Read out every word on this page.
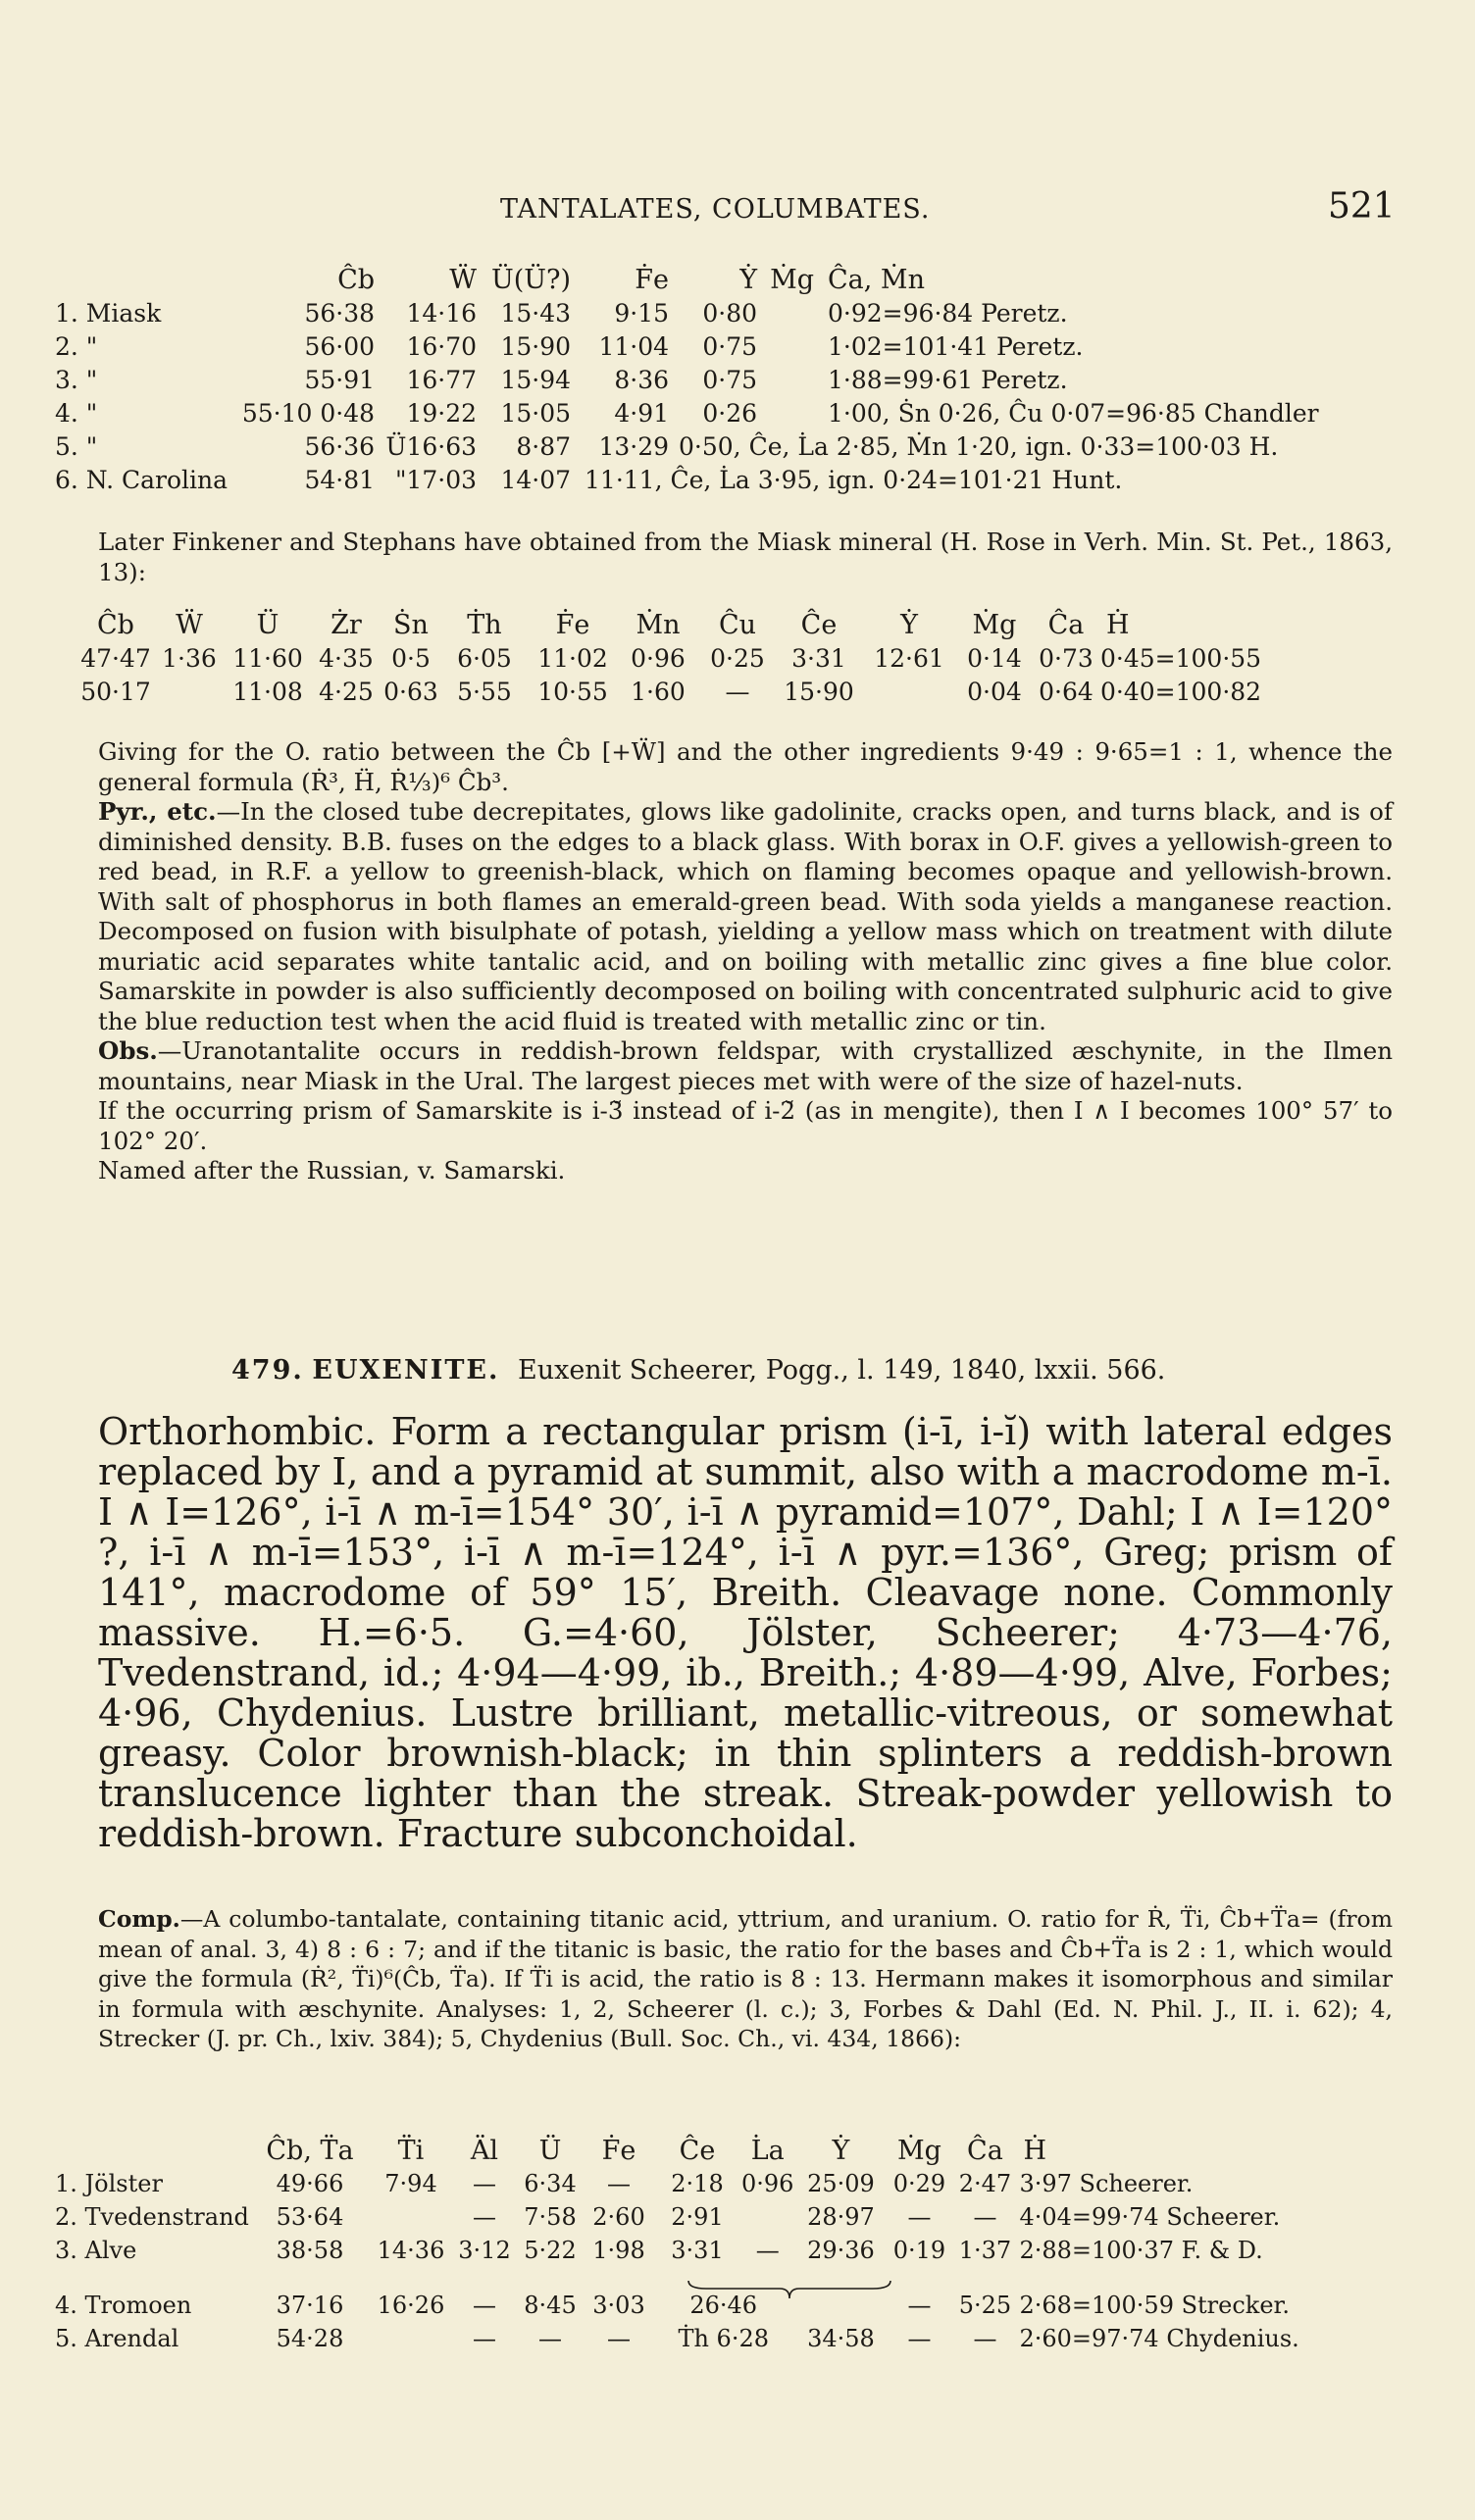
TANTALATES, COLUMBATES.	521
	Ĉb	Ẅ	Ü(Ü?)	Ḟe	Ẏ	Ṁg	Ĉa, Ṁn
1. Miask	56·38	14·16	15·43	9·15	0·80		0·92=96·84 Peretz.
2. "	56·00	16·70	15·90	11·04	0·75		1·02=101·41 Peretz.
3. "	55·91	16·77	15·94	8·36	0·75		1·88=99·61 Peretz.
4. "	55·10 0·48	19·22	15·05	4·91	0·26		1·00, Ṡn 0·26, Ĉu 0·07=96·85 Chandler
5. "	56·36	Ü16·63	8·87	13·29	0·50, Ĉe, L̇a 2·85, Ṁn 1·20, ign. 0·33=100·03 H.		
6. N. Carolina	54·81	"17·03	14·07	11·11, Ĉe, L̇a 3·95, ign. 0·24=101·21 Hunt.			

Later Finkener and Stephans have obtained from the Miask mineral (H. Rose in Verh. Min. St. Pet., 1863, 13):

Ĉb	Ẅ	Ü	Żr	Ṡn	Ṫh	Ḟe	Ṁn	Ĉu	Ĉe	Ẏ	Ṁg	Ĉa	Ḣ
47·47	1·36	11·60	4·35	0·5	6·05	11·02	0·96	0·25	3·31	12·61	0·14	0·73	0·45=100·55
50·17		11·08	4·25	0·63	5·55	10·55	1·60	—	15·90		0·04	0·64	0·40=100·82

Giving for the O. ratio between the Ĉb [+Ẅ] and the other ingredients 9·49 : 9·65=1 : 1, whence the general formula (Ṙ³, Ḧ, Ṙ⅓)⁶ Ĉb³.

Pyr., etc.—In the closed tube decrepitates, glows like gadolinite, cracks open, and turns black, and is of diminished density. B.B. fuses on the edges to a black glass. With borax in O.F. gives a yellowish-green to red bead, in R.F. a yellow to greenish-black, which on flaming becomes opaque and yellowish-brown. With salt of phosphorus in both flames an emerald-green bead. With soda yields a manganese reaction. Decomposed on fusion with bisulphate of potash, yielding a yellow mass which on treatment with dilute muriatic acid separates white tantalic acid, and on boiling with metallic zinc gives a fine blue color. Samarskite in powder is also sufficiently decomposed on boiling with concentrated sulphuric acid to give the blue reduction test when the acid fluid is treated with metallic zinc or tin.

Obs.—Uranotantalite occurs in reddish-brown feldspar, with crystallized æschynite, in the Ilmen mountains, near Miask in the Ural. The largest pieces met with were of the size of hazel-nuts.

If the occurring prism of Samarskite is i-3̆ instead of i-2̆ (as in mengite), then I ∧ I becomes 100° 57′ to 102° 20′.

Named after the Russian, v. Samarski.

479. EUXENITE. Euxenit Scheerer, Pogg., l. 149, 1840, lxxii. 566.

Orthorhombic. Form a rectangular prism (i-ī, i-ĭ) with lateral edges replaced by I, and a pyramid at summit, also with a macrodome m-ī. I ∧ I=126°, i-ī ∧ m-ī=154° 30′, i-ī ∧ pyramid=107°, Dahl; I ∧ I=120° ?, i-ī ∧ m-ī=153°, i-ī ∧ m-ī=124°, i-ī ∧ pyr.=136°, Greg; prism of 141°, macrodome of 59° 15′, Breith. Cleavage none. Commonly massive. H.=6·5. G.=4·60, Jölster, Scheerer; 4·73—4·76, Tvedenstrand, id.; 4·94—4·99, ib., Breith.; 4·89—4·99, Alve, Forbes; 4·96, Chydenius. Lustre brilliant, metallic-vitreous, or somewhat greasy. Color brownish-black; in thin splinters a reddish-brown translucence lighter than the streak. Streak-powder yellowish to reddish-brown. Fracture subconchoidal.

Comp.—A columbo-tantalate, containing titanic acid, yttrium, and uranium. O. ratio for Ṙ, T̈i, Ĉb+T̈a= (from mean of anal. 3, 4) 8 : 6 : 7; and if the titanic is basic, the ratio for the bases and Ĉb+T̈a is 2 : 1, which would give the formula (Ṙ², T̈i)⁶(Ĉb, T̈a). If T̈i is acid, the ratio is 8 : 13. Hermann makes it isomorphous and similar in formula with æschynite. Analyses: 1, 2, Scheerer (l. c.); 3, Forbes & Dahl (Ed. N. Phil. J., II. i. 62); 4, Strecker (J. pr. Ch., lxiv. 384); 5, Chydenius (Bull. Soc. Ch., vi. 434, 1866):

	Ĉb, T̈a	T̈i	Äl	Ü	Ḟe	Ĉe	L̇a	Ẏ	Ṁg	Ĉa	Ḣ
1. Jölster	49·66	7·94	—	6·34	—	2·18	0·96	25·09	0·29	2·47	3·97 Scheerer.
2. Tvedenstrand	53·64		—	7·58	2·60	2·91		28·97	—	—	4·04=99·74 Scheerer.
3. Alve	38·58	14·36	3·12	5·22	1·98	3·31	—	29·36	0·19	1·37	2·88=100·37 F. & D.

4. Tromoen	37·16	16·26	—	8·45	3·03	26·46			—	5·25	2·68=100·59 Strecker.
5. Arendal	54·28		—	—	—	Ṫh 6·28		34·58	—	—	2·60=97·74 Chydenius.
